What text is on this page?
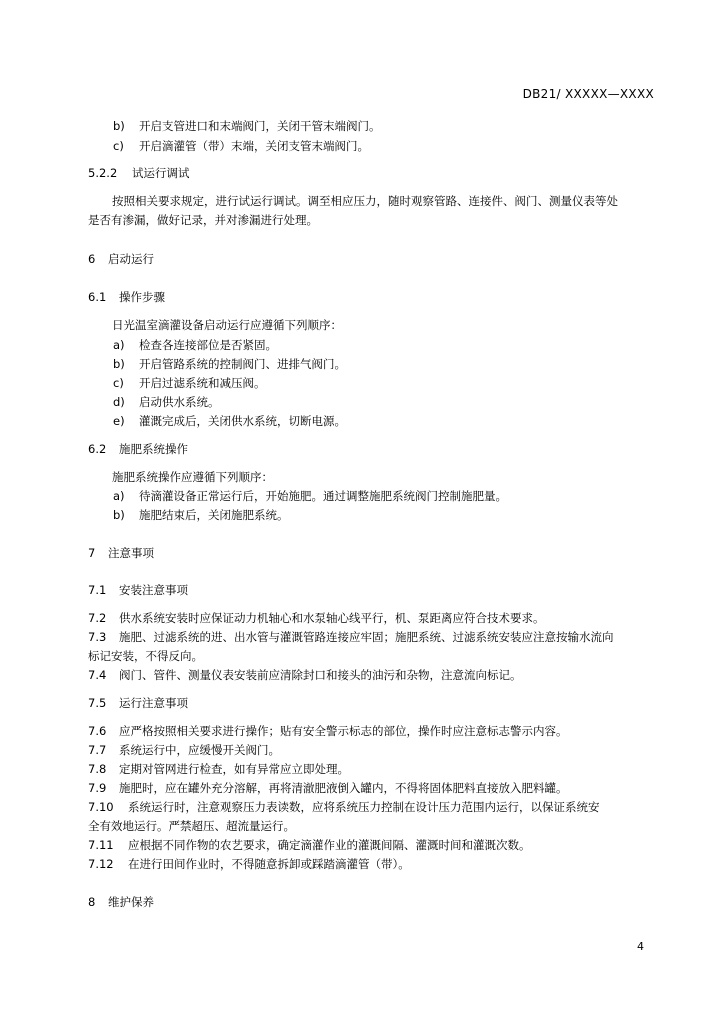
DB21/ XXXXX—XXXX
b) 开启支管进口和末端阀门，关闭干管末端阀门。
c) 开启滴灌管（带）末端，关闭支管末端阀门。
5.2.2 试运行调试
按照相关要求规定，进行试运行调试。调至相应压力，随时观察管路、连接件、阀门、测量仪表等处
是否有渗漏，做好记录，并对渗漏进行处理。
6 启动运行
6.1 操作步骤
日光温室滴灌设备启动运行应遵循下列顺序：
a) 检查各连接部位是否紧固。
b) 开启管路系统的控制阀门、进排气阀门。
c) 开启过滤系统和减压阀。
d) 启动供水系统。
e) 灌溉完成后，关闭供水系统，切断电源。
6.2 施肥系统操作
施肥系统操作应遵循下列顺序：
a) 待滴灌设备正常运行后，开始施肥。通过调整施肥系统阀门控制施肥量。
b) 施肥结束后，关闭施肥系统。
7 注意事项
7.1 安装注意事项
7.2 供水系统安装时应保证动力机轴心和水泵轴心线平行，机、泵距离应符合技术要求。
7.3 施肥、过滤系统的进、出水管与灌溉管路连接应牢固；施肥系统、过滤系统安装应注意按输水流向
标记安装，不得反向。
7.4 阀门、管件、测量仪表安装前应清除封口和接头的油污和杂物，注意流向标记。
7.5 运行注意事项
7.6 应严格按照相关要求进行操作；贴有安全警示标志的部位，操作时应注意标志警示内容。
7.7 系统运行中，应缓慢开关阀门。
7.8 定期对管网进行检查，如有异常应立即处理。
7.9 施肥时，应在罐外充分溶解，再将清澈肥液倒入罐内，不得将固体肥料直接放入肥料罐。
7.10 系统运行时，注意观察压力表读数，应将系统压力控制在设计压力范围内运行，以保证系统安
全有效地运行。严禁超压、超流量运行。
7.11 应根据不同作物的农艺要求，确定滴灌作业的灌溉间隔、灌溉时间和灌溉次数。
7.12 在进行田间作业时，不得随意拆卸或踩踏滴灌管（带）。
8 维护保养
4
